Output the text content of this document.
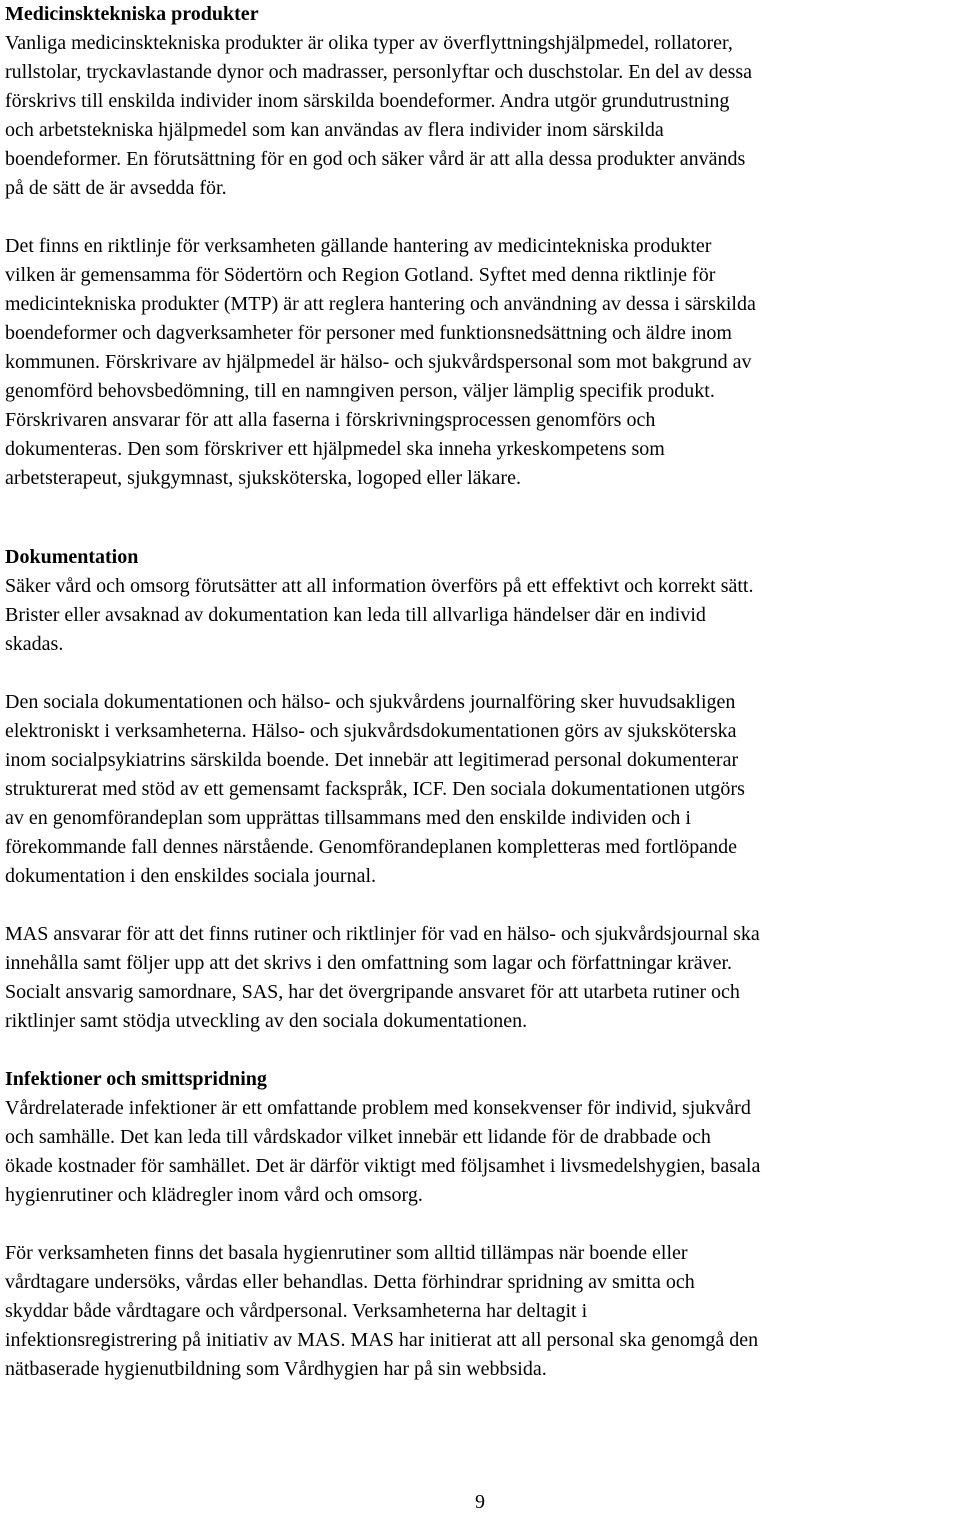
Medicinsktekniska produkter

Vanliga medicinsktekniska produkter är olika typer av överflyttningshjälpmedel, rollatorer,
rullstolar, tryckavlastande dynor och madrasser, personlyftar och duschstolar. En del av dessa
förskrivs till enskilda individer inom särskilda boendeformer. Andra utgör grundutrustning
och arbetstekniska hjälpmedel som kan användas av flera individer inom särskilda
boendeformer. En förutsättning för en god och säker vård är att alla dessa produkter används
på de sätt de är avsedda för.

Det finns en riktlinje för verksamheten gällande hantering av medicintekniska produkter
vilken är gemensamma för Södertörn och Region Gotland. Syftet med denna riktlinje för
medicintekniska produkter (MTP) är att reglera hantering och användning av dessa i särskilda
boendeformer och dagverksamheter för personer med funktionsnedsättning och äldre inom
kommunen. Förskrivare av hjälpmedel är hälso- och sjukvårdspersonal som mot bakgrund av
genomförd behovsbedömning, till en namngiven person, väljer lämplig specifik produkt.
Förskrivaren ansvarar för att alla faserna i förskrivningsprocessen genomförs och
dokumenteras. Den som förskriver ett hjälpmedel ska inneha yrkeskompetens som
arbetsterapeut, sjukgymnast, sjuksköterska, logoped eller läkare.

Dokumentation

Säker vård och omsorg förutsätter att all information överförs på ett effektivt och korrekt sätt.
Brister eller avsaknad av dokumentation kan leda till allvarliga händelser där en individ
skadas.

Den sociala dokumentationen och hälso- och sjukvårdens journalföring sker huvudsakligen
elektroniskt i verksamheterna. Hälso- och sjukvårdsdokumentationen görs av sjuksköterska
inom socialpsykiatrins särskilda boende. Det innebär att legitimerad personal dokumenterar
strukturerat med stöd av ett gemensamt fackspråk, ICF. Den sociala dokumentationen utgörs
av en genomförandeplan som upprättas tillsammans med den enskilde individen och i
förekommande fall dennes närstående. Genomförandeplanen kompletteras med fortlöpande
dokumentation i den enskildes sociala journal.

MAS ansvarar för att det finns rutiner och riktlinjer för vad en hälso- och sjukvårdsjournal ska
innehålla samt följer upp att det skrivs i den omfattning som lagar och författningar kräver.
Socialt ansvarig samordnare, SAS, har det övergripande ansvaret för att utarbeta rutiner och
riktlinjer samt stödja utveckling av den sociala dokumentationen.

Infektioner och smittspridning

Vårdrelaterade infektioner är ett omfattande problem med konsekvenser för individ, sjukvård
och samhälle. Det kan leda till vårdskador vilket innebär ett lidande för de drabbade och
ökade kostnader för samhället. Det är därför viktigt med följsamhet i livsmedelshygien, basala
hygienrutiner och klädregler inom vård och omsorg.

För verksamheten finns det basala hygienrutiner som alltid tillämpas när boende eller
vårdtagare undersöks, vårdas eller behandlas. Detta förhindrar spridning av smitta och
skyddar både vårdtagare och vårdpersonal. Verksamheterna har deltagit i
infektionsregistrering på initiativ av MAS. MAS har initierat att all personal ska genomgå den
nätbaserade hygienutbildning som Vårdhygien har på sin webbsida.

9
